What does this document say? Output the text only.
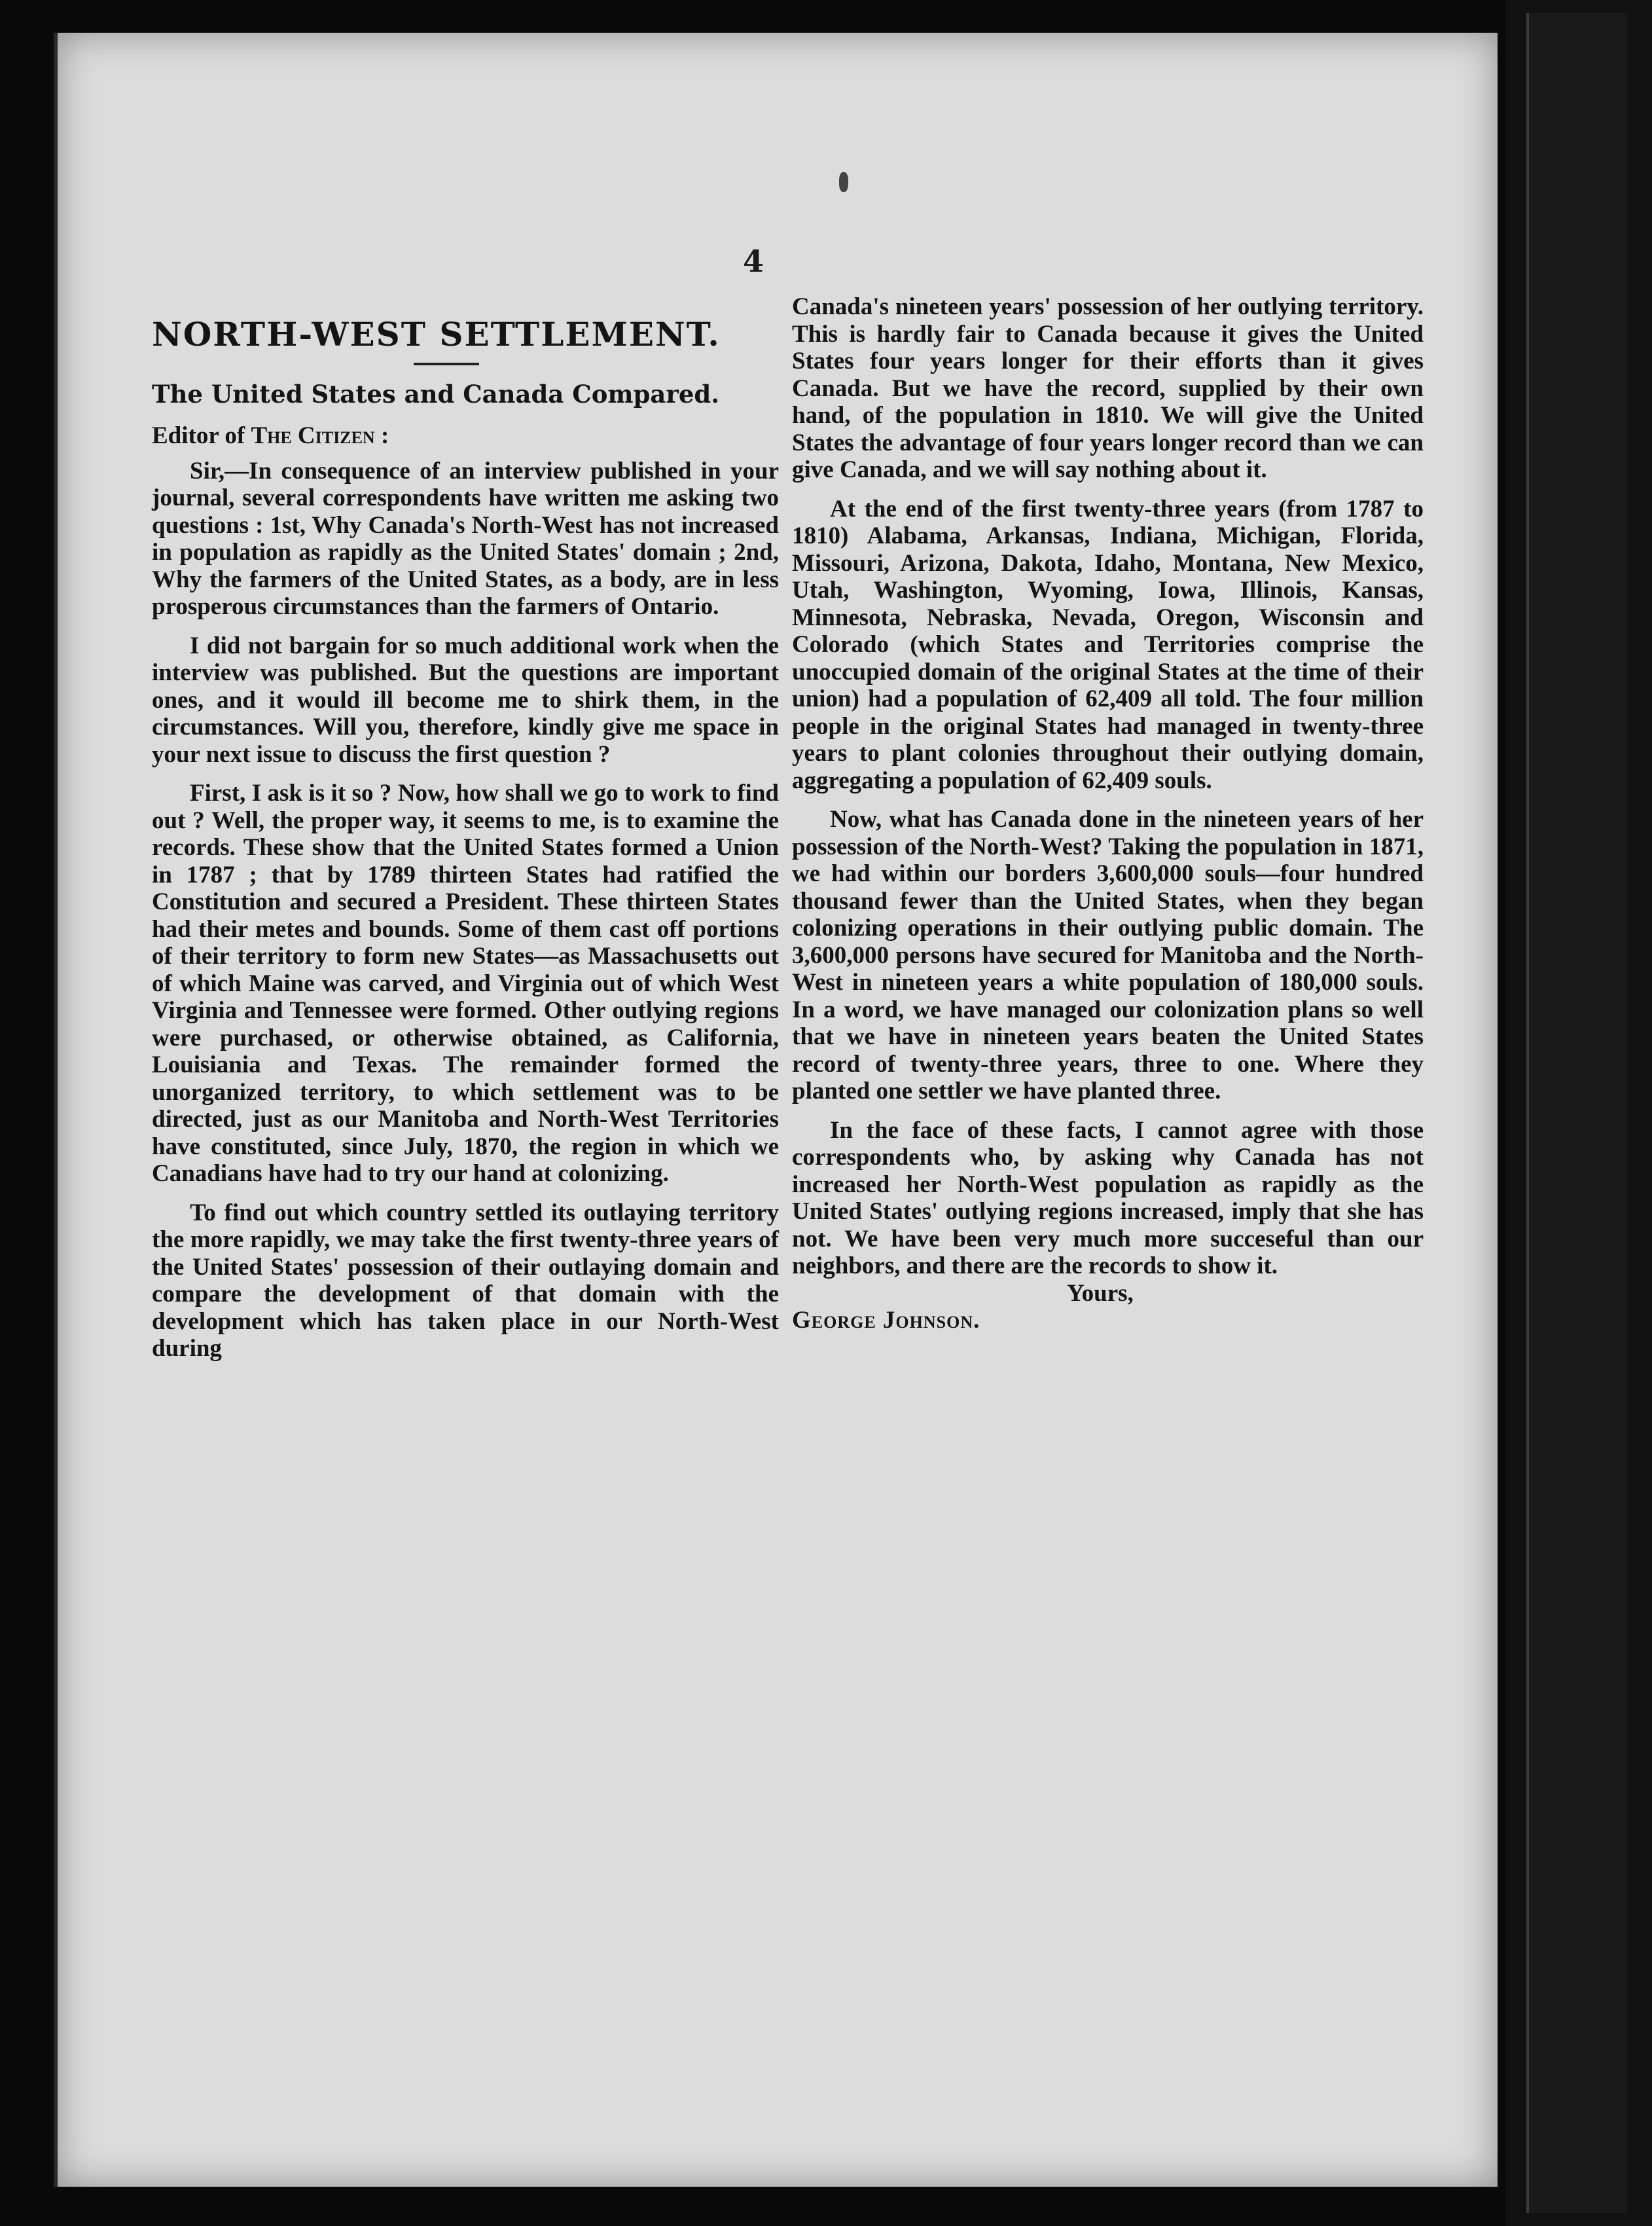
4
NORTH-WEST SETTLEMENT.
The United States and Canada Compared.

Editor of The Citizen :

Sir,—In consequence of an interview published in your journal, several correspondents have written me asking two questions : 1st, Why Canada's North-West has not increased in population as rapidly as the United States' domain ; 2nd, Why the farmers of the United States, as a body, are in less prosperous circumstances than the farmers of Ontario.

I did not bargain for so much additional work when the interview was published. But the questions are important ones, and it would ill become me to shirk them, in the circumstances. Will you, therefore, kindly give me space in your next issue to discuss the first question ?

First, I ask is it so ? Now, how shall we go to work to find out ? Well, the proper way, it seems to me, is to examine the records. These show that the United States formed a Union in 1787 ; that by 1789 thirteen States had ratified the Constitution and secured a President. These thirteen States had their metes and bounds. Some of them cast off portions of their territory to form new States—as Massachusetts out of which Maine was carved, and Virginia out of which West Virginia and Tennessee were formed. Other outlying regions were purchased, or otherwise obtained, as California, Louisiania and Texas. The remainder formed the unorganized territory, to which settlement was to be directed, just as our Manitoba and North-West Territories have constituted, since July, 1870, the region in which we Canadians have had to try our hand at colonizing.

To find out which country settled its outlaying territory the more rapidly, we may take the first twenty-three years of the United States' possession of their outlaying domain and compare the development of that domain with the development which has taken place in our North-West during

Canada's nineteen years' possession of her outlying territory. This is hardly fair to Canada because it gives the United States four years longer for their efforts than it gives Canada. But we have the record, supplied by their own hand, of the population in 1810. We will give the United States the advantage of four years longer record than we can give Canada, and we will say nothing about it.

At the end of the first twenty-three years (from 1787 to 1810) Alabama, Arkansas, Indiana, Michigan, Florida, Missouri, Arizona, Dakota, Idaho, Montana, New Mexico, Utah, Washington, Wyoming, Iowa, Illinois, Kansas, Minnesota, Nebraska, Nevada, Oregon, Wisconsin and Colorado (which States and Territories comprise the unoccupied domain of the original States at the time of their union) had a population of 62,409 all told. The four million people in the original States had managed in twenty-three years to plant colonies throughout their outlying domain, aggregating a population of 62,409 souls.

Now, what has Canada done in the nineteen years of her possession of the North-West? Taking the population in 1871, we had within our borders 3,600,000 souls—four hundred thousand fewer than the United States, when they began colonizing operations in their outlying public domain. The 3,600,000 persons have secured for Manitoba and the North-West in nineteen years a white population of 180,000 souls. In a word, we have managed our colonization plans so well that we have in nineteen years beaten the United States record of twenty-three years, three to one. Where they planted one settler we have planted three.

In the face of these facts, I cannot agree with those correspondents who, by asking why Canada has not increased her North-West population as rapidly as the United States' outlying regions increased, imply that she has not. We have been very much more succeseful than our neighbors, and there are the records to show it.

Yours,

George Johnson.
